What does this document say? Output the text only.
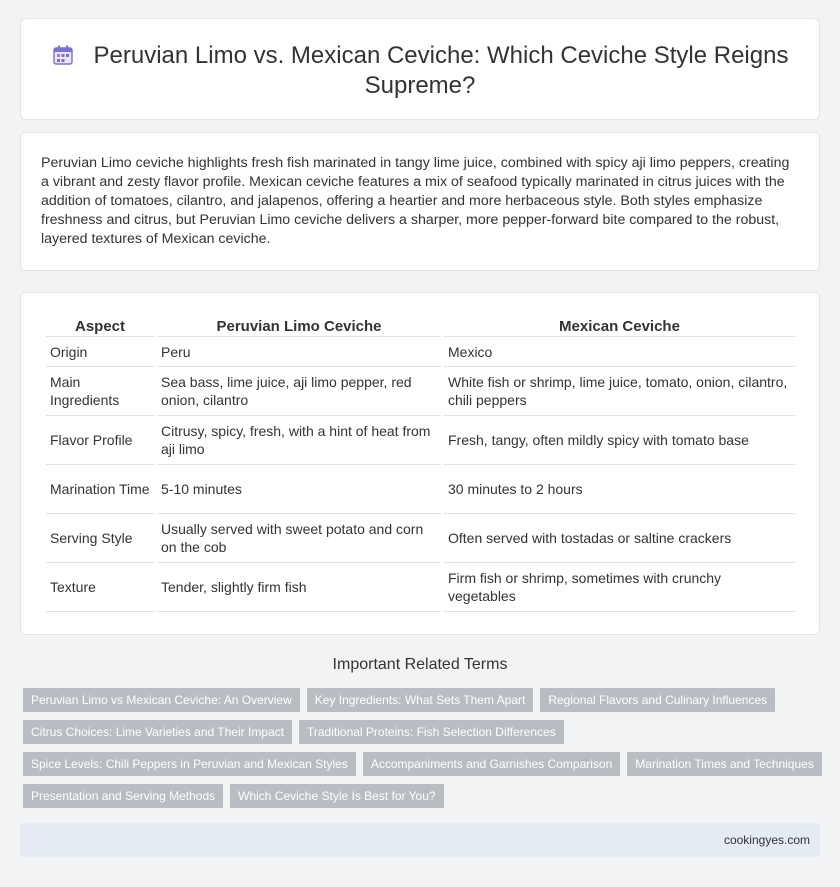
Peruvian Limo vs. Mexican Ceviche: Which Ceviche Style Reigns Supreme?

Peruvian Limo ceviche highlights fresh fish marinated in tangy lime juice, combined with spicy aji limo peppers, creating a vibrant and zesty flavor profile. Mexican ceviche features a mix of seafood typically marinated in citrus juices with the addition of tomatoes, cilantro, and jalapenos, offering a heartier and more herbaceous style. Both styles emphasize freshness and citrus, but Peruvian Limo ceviche delivers a sharper, more pepper-forward bite compared to the robust, layered textures of Mexican ceviche.

Aspect	Peruvian Limo Ceviche	Mexican Ceviche
Origin	Peru	Mexico
Main Ingredients	Sea bass, lime juice, aji limo pepper, red onion, cilantro	White fish or shrimp, lime juice, tomato, onion, cilantro, chili peppers
Flavor Profile	Citrusy, spicy, fresh, with a hint of heat from aji limo	Fresh, tangy, often mildly spicy with tomato base
Marination Time	5-10 minutes	30 minutes to 2 hours
Serving Style	Usually served with sweet potato and corn on the cob	Often served with tostadas or saltine crackers
Texture	Tender, slightly firm fish	Firm fish or shrimp, sometimes with crunchy vegetables
Important Related Terms
Peruvian Limo vs Mexican Ceviche: An Overview	Key Ingredients: What Sets Them Apart	Regional Flavors and Culinary Influences
Citrus Choices: Lime Varieties and Their Impact	Traditional Proteins: Fish Selection Differences
Spice Levels: Chili Peppers in Peruvian and Mexican Styles	Accompaniments and Garnishes Comparison	Marination Times and Techniques
Presentation and Serving Methods	Which Ceviche Style Is Best for You?
cookingyes.com
